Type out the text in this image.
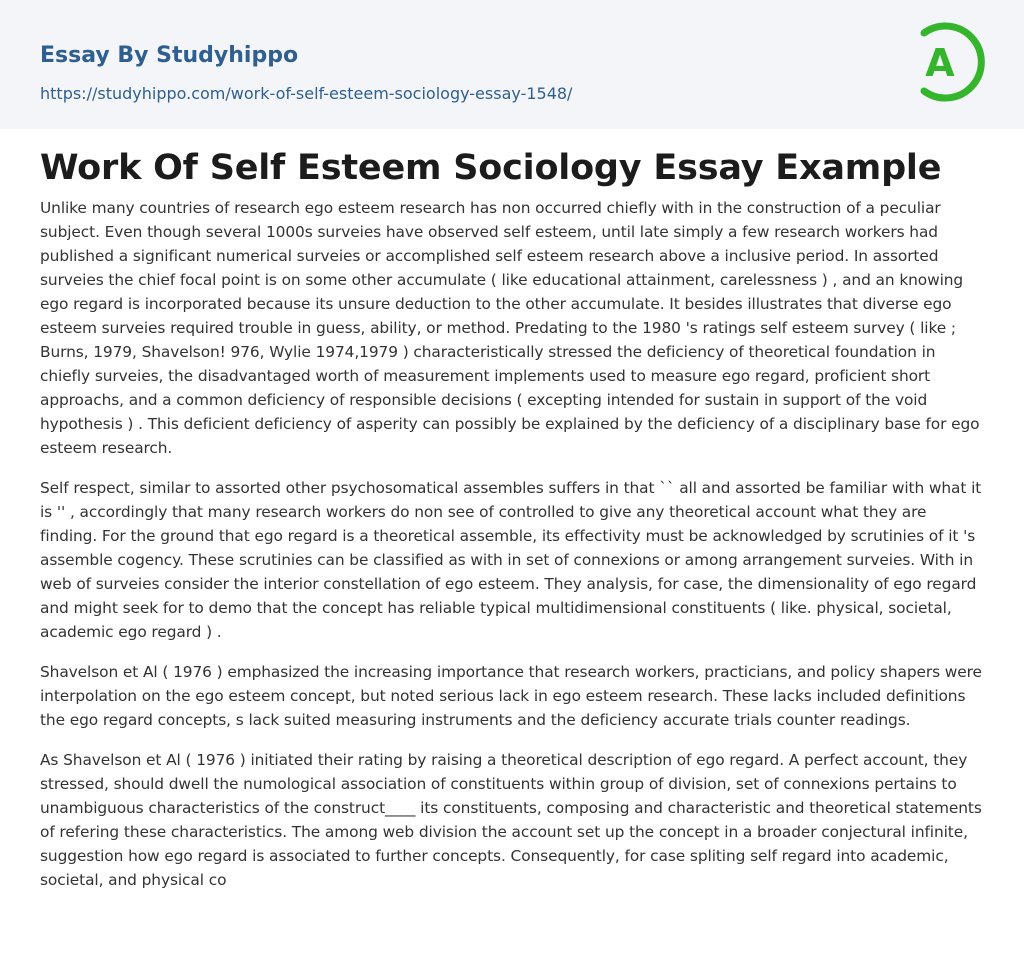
Essay By Studyhippo
https://studyhippo.com/work-of-self-esteem-sociology-essay-1548/
A
Work Of Self Esteem Sociology Essay Example

Unlike many countries of research ego esteem research has non occurred chiefly with in the construction of a peculiar subject. Even though several 1000s surveies have observed self esteem, until late simply a few research workers had published a significant numerical surveies or accomplished self esteem research above a inclusive period. In assorted surveies the chief focal point is on some other accumulate ( like educational attainment, carelessness ) , and an knowing ego regard is incorporated because its unsure deduction to the other accumulate. It besides illustrates that diverse ego esteem surveies required trouble in guess, ability, or method. Predating to the 1980 's ratings self esteem survey ( like ; Burns, 1979, Shavelson! 976, Wylie 1974,1979 ) characteristically stressed the deficiency of theoretical foundation in chiefly surveies, the disadvantaged worth of measurement implements used to measure ego regard, proficient short approachs, and a common deficiency of responsible decisions ( excepting intended for sustain in support of the void hypothesis ) . This deficient deficiency of asperity can possibly be explained by the deficiency of a disciplinary base for ego esteem research.

Self respect, similar to assorted other psychosomatical assembles suffers in that `` all and assorted be familiar with what it is '' , accordingly that many research workers do non see of controlled to give any theoretical account what they are finding. For the ground that ego regard is a theoretical assemble, its effectivity must be acknowledged by scrutinies of it 's assemble cogency. These scrutinies can be classified as with in set of connexions or among arrangement surveies. With in web of surveies consider the interior constellation of ego esteem. They analysis, for case, the dimensionality of ego regard and might seek for to demo that the concept has reliable typical multidimensional constituents ( like. physical, societal, academic ego regard ) .

Shavelson et Al ( 1976 ) emphasized the increasing importance that research workers, practicians, and policy shapers were interpolation on the ego esteem concept, but noted serious lack in ego esteem research. These lacks included definitions the ego regard concepts, s lack suited measuring instruments and the deficiency accurate trials counter readings.

As Shavelson et Al ( 1976 ) initiated their rating by raising a theoretical description of ego regard. A perfect account, they stressed, should dwell the numological association of constituents within group of division, set of connexions pertains to unambiguous characteristics of the construct____ its constituents, composing and characteristic and theoretical statements of refering these characteristics. The among web division the account set up the concept in a broader conjectural infinite, suggestion how ego regard is associated to further concepts. Consequently, for case spliting self regard into academic, societal, and physical co
